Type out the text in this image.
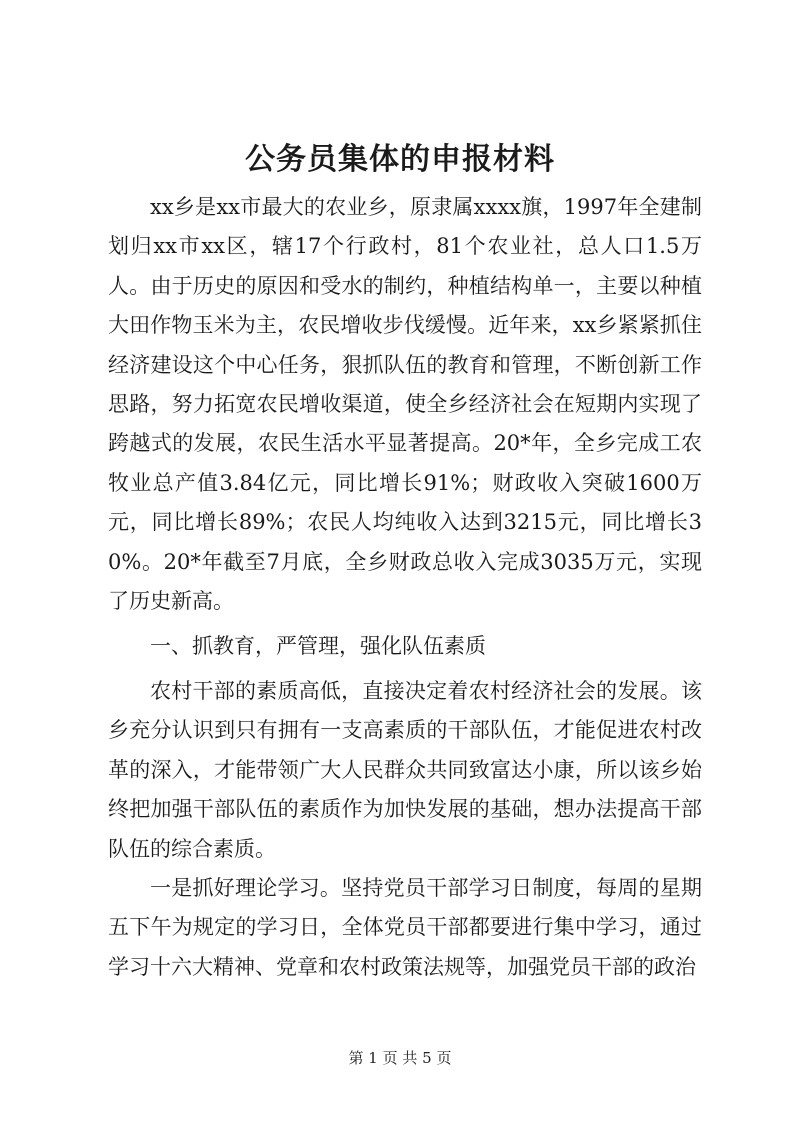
公务员集体的申报材料

xx乡是xx市最大的农业乡，原隶属xxxx旗，1997年全建制划归xx市xx区，辖17个行政村，81个农业社，总人口1.5万人。由于历史的原因和受水的制约，种植结构单一，主要以种植大田作物玉米为主，农民增收步伐缓慢。近年来，xx乡紧紧抓住经济建设这个中心任务，狠抓队伍的教育和管理，不断创新工作思路，努力拓宽农民增收渠道，使全乡经济社会在短期内实现了跨越式的发展，农民生活水平显著提高。20*年，全乡完成工农牧业总产值3.84亿元，同比增长91%；财政收入突破1600万元，同比增长89%；农民人均纯收入达到3215元，同比增长30%。20*年截至7月底，全乡财政总收入完成3035万元，实现了历史新高。

一、抓教育，严管理，强化队伍素质

农村干部的素质高低，直接决定着农村经济社会的发展。该乡充分认识到只有拥有一支高素质的干部队伍，才能促进农村改革的深入，才能带领广大人民群众共同致富达小康，所以该乡始终把加强干部队伍的素质作为加快发展的基础，想办法提高干部队伍的综合素质。

一是抓好理论学习。坚持党员干部学习日制度，每周的星期五下午为规定的学习日，全体党员干部都要进行集中学习，通过学习十六大精神、党章和农村政策法规等，加强党员干部的政治

第 1 页 共 5 页
